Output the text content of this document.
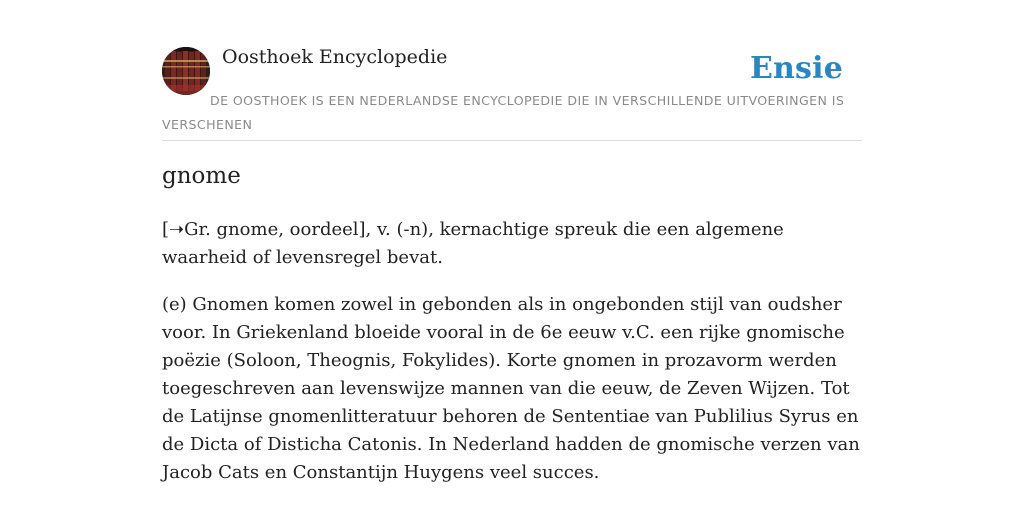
Oosthoek Encyclopedie	Ensie
DE OOSTHOEK IS EEN NEDERLANDSE ENCYCLOPEDIE DIE IN VERSCHILLENDE UITVOERINGEN IS VERSCHENEN
gnome

[➝Gr. gnome, oordeel], v. (-n), kernachtige spreuk die een algemene waarheid of levensregel bevat.

(e) Gnomen komen zowel in gebonden als in ongebonden stijl van oudsher voor. In Griekenland bloeide vooral in de 6e eeuw v.C. een rijke gnomische poëzie (Soloon, Theognis, Fokylides). Korte gnomen in prozavorm werden toegeschreven aan levenswijze mannen van die eeuw, de Zeven Wijzen. Tot de Latijnse gnomenlitteratuur behoren de Sententiae van Publilius Syrus en de Dicta of Disticha Catonis. In Nederland hadden de gnomische verzen van Jacob Cats en Constantijn Huygens veel succes.
